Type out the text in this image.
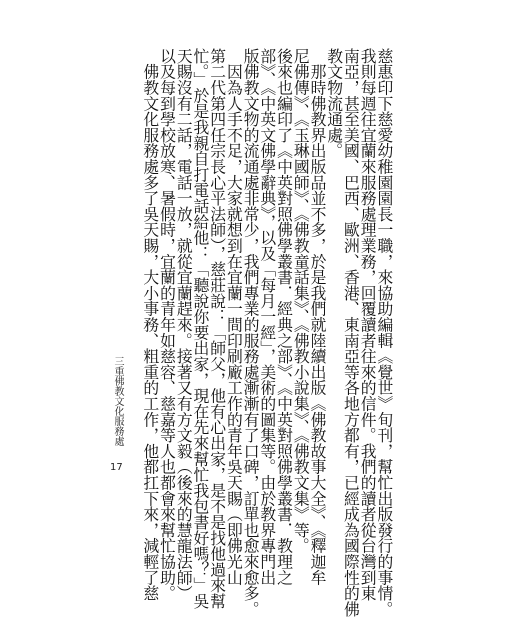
慈惠印下慈愛幼稚園園長一職，來協助編輯《覺世》旬刊，幫忙出版發行的事情。
我則每週往宜蘭來服務處理業務，回覆讀者往來的信件。我們的讀者從台灣到東
南亞，甚至美國、巴西、歐洲、香港、東南亞等各地方都有，已經成為國際性的佛
教文物流通處。
　那時佛教界出版品並不多，於是我們就陸續出版《佛教故事大全》、《釋迦牟
尼佛傳》、《玉琳國師》、《佛教童話集》、《佛教小說集》、《佛教文集》等。
後來也編印了《中英對照佛學叢書．經典之部》、《中英對照佛學叢書．教理之
部》、《中英文佛學辭典》，以及「每月一經」，美術的圖集等。由於教界專門出
版佛教文物的流通處非常少，我們專業的服務處漸漸有了口碑，訂單也愈來愈多。
　因為人手不足，大家就想到在宜蘭一間印刷廠工作的青年吳天賜（即佛光山
第二代第四任宗長心平法師），慈莊說：「師父，他有心出家，是不是找他過來幫
忙。」於是我親自打電話給他：「聽說你要出家，現在先來幫忙我包書好嗎？」吳
天賜沒有二話，電話一放，就從宜蘭趕來。接著又有方文毅（後來的慧龍法師）
以及每到學校放寒、暑假時，宜蘭的青年如慈容、慈嘉等人也都會來幫忙協助。
　佛教文化服務處多了吳天賜，大小事務、粗重的工作，他都扛下來，減輕了慈
三重佛教文化服務處
17
